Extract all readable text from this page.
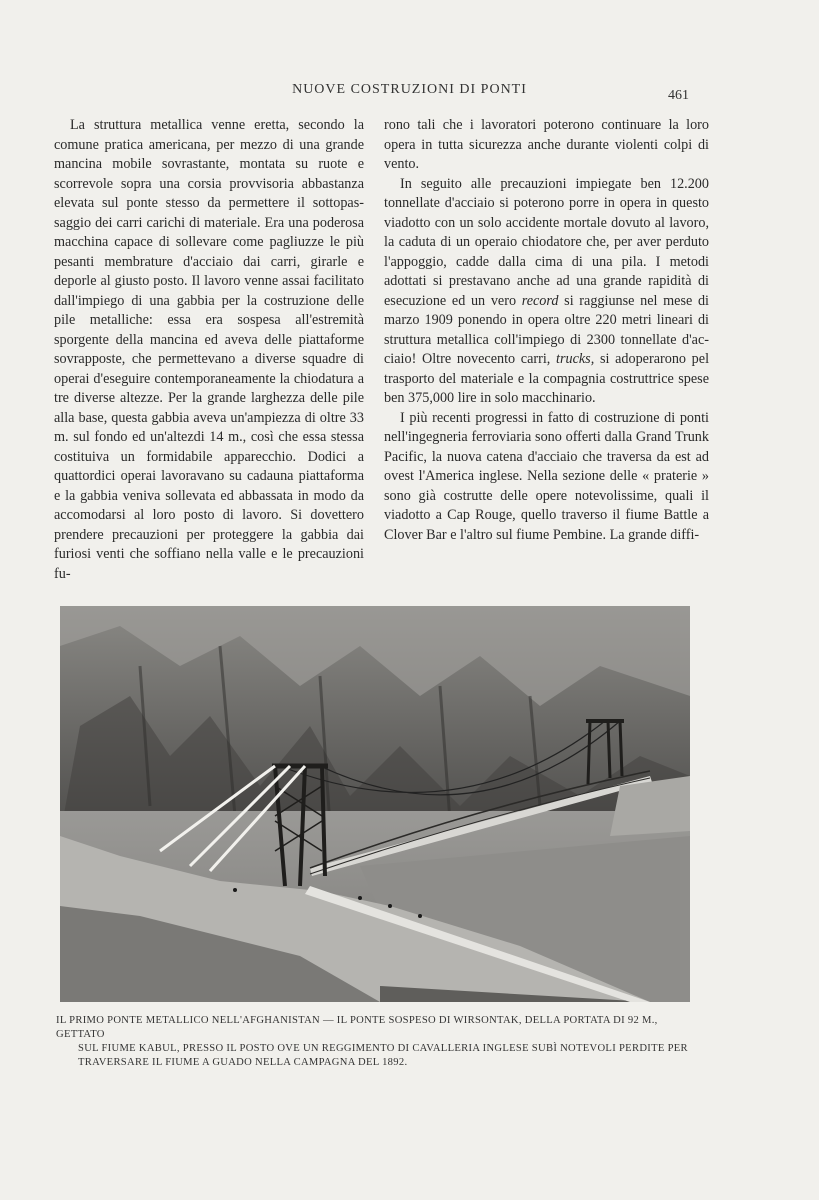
NUOVE COSTRUZIONI DI PONTI	461

La struttura metallica venne eretta, secondo la comune pratica americana, per mezzo di una grande mancina mobile sovrastante, montata su ruote e scorrevole sopra una corsia provvisoria abbastanza elevata sul ponte stesso da permettere il sottopassaggio dei carri carichi di materiale. Era una poderosa macchina capace di sollevare come pagliuzze le più pesanti membrature d'acciaio dai carri, girarle e deporle al giusto posto. Il lavoro venne assai facilitato dall'impiego di una gabbia per la costruzione delle pile metalliche: essa era sospesa all'estremità sporgente della mancina ed aveva delle piattaforme sovrapposte, che permettevano a diverse squadre di operai d'eseguire contemporaneamente la chiodatura a tre diverse altezze. Per la grande larghezza delle pile alla base, questa gabbia aveva un'ampiezza di oltre 33 m. sul fondo ed un'altezdi 14 m., così che essa stessa costituiva un formidabile apparecchio. Dodici a quattordici operai lavoravano su cadauna piattaforma e la gabbia veniva sollevata ed abbassata in modo da accomodarsi al loro posto di lavoro. Si dovettero prendere precauzioni per proteggere la gabbia dai furiosi venti che soffiano nella valle e le precauzioni fu-

rono tali che i lavoratori poterono continuare la loro opera in tutta sicurezza anche durante violenti colpi di vento.

In seguito alle precauzioni impiegate ben 12.200 tonnellate d'acciaio si poterono porre in opera in questo viadotto con un solo accidente mortale dovuto al lavoro, la caduta di un operaio chiodatore che, per aver perduto l'appoggio, cadde dalla cima di una pila. I metodi adottati si prestavano anche ad una grande rapidità di esecuzione ed un vero record si raggiunse nel mese di marzo 1909 ponendo in opera oltre 220 metri lineari di struttura metallica coll'impiego di 2300 tonnellate d'acciaio! Oltre novecento carri, trucks, si adoperarono pel trasporto del materiale e la compagnia costruttrice spese ben 375,000 lire in solo macchinario.

I più recenti progressi in fatto di costruzione di ponti nell'ingegneria ferroviaria sono offerti dalla Grand Trunk Pacific, la nuova catena d'acciaio che traversa da est ad ovest l'America inglese. Nella sezione delle « praterie » sono già costrutte delle opere notevolissime, quali il viadotto a Cap Rouge, quello traverso il fiume Battle a Clover Bar e l'altro sul fiume Pembine. La grande diffi-

IL PRIMO PONTE METALLICO NELL'AFGHANISTAN — IL PONTE SOSPESO DI WIRSONTAK, DELLA PORTATA DI 92 M., GETTATO
SUL FIUME KABUL, PRESSO IL POSTO OVE UN REGGIMENTO DI CAVALLERIA INGLESE SUBÌ NOTEVOLI PERDITE PER
TRAVERSARE IL FIUME A GUADO NELLA CAMPAGNA DEL 1892.
